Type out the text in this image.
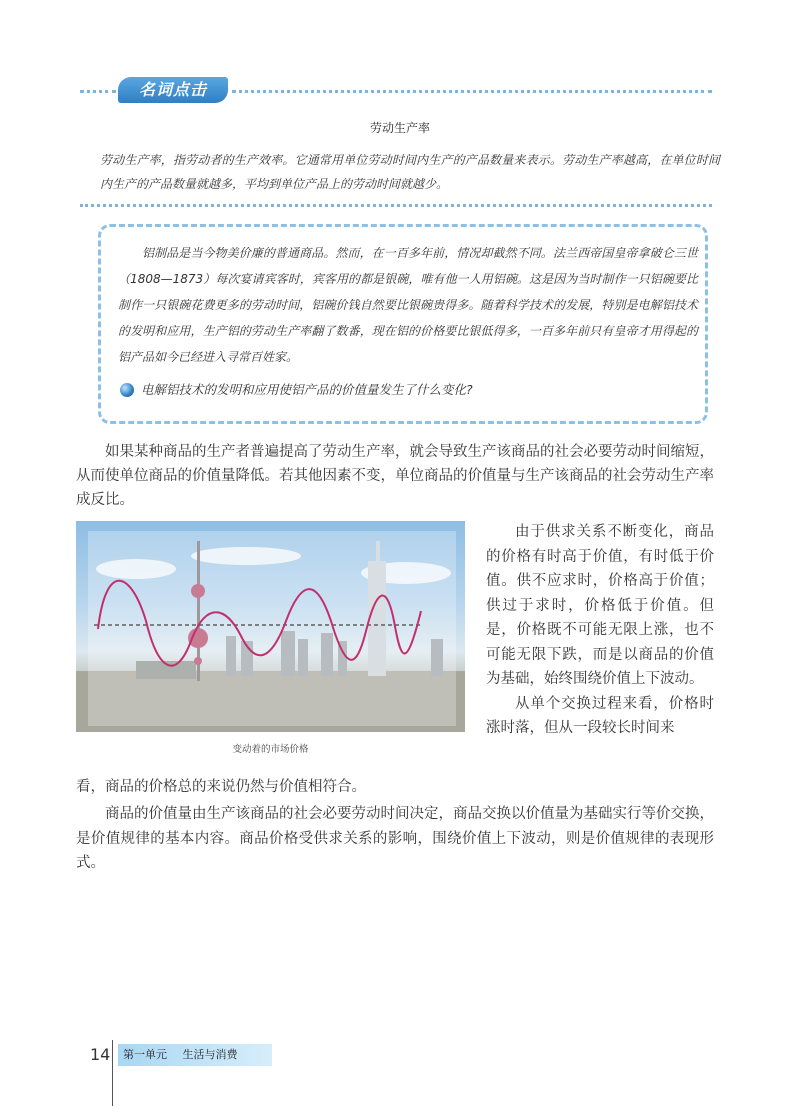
名词点击
劳动生产率
劳动生产率，指劳动者的生产效率。它通常用单位劳动时间内生产的产品数量来表示。劳动生产率越高，在单位时间内生产的产品数量就越多，平均到单位产品上的劳动时间就越少。
铝制品是当今物美价廉的普通商品。然而，在一百多年前，情况却截然不同。法兰西帝国皇帝拿破仑三世（1808—1873）每次宴请宾客时，宾客用的都是银碗，唯有他一人用铝碗。这是因为当时制作一只铝碗要比制作一只银碗花费更多的劳动时间，铝碗价钱自然要比银碗贵得多。随着科学技术的发展，特别是电解铝技术的发明和应用，生产铝的劳动生产率翻了数番，现在铝的价格要比银低得多，一百多年前只有皇帝才用得起的铝产品如今已经进入寻常百姓家。
电解铝技术的发明和应用使铝产品的价值量发生了什么变化?

如果某种商品的生产者普遍提高了劳动生产率，就会导致生产该商品的社会必要劳动时间缩短，从而使单位商品的价值量降低。若其他因素不变，单位商品的价值量与生产该商品的社会劳动生产率成反比。

变动着的市场价格

由于供求关系不断变化，商品的价格有时高于价值，有时低于价值。供不应求时，价格高于价值；供过于求时，价格低于价值。但是，价格既不可能无限上涨，也不可能无限下跌，而是以商品的价值为基础，始终围绕价值上下波动。

从单个交换过程来看，价格时涨时落，但从一段较长时间来

看，商品的价格总的来说仍然与价值相符合。

商品的价值量由生产该商品的社会必要劳动时间决定，商品交换以价值量为基础实行等价交换，是价值规律的基本内容。商品价格受供求关系的影响，围绕价值上下波动，则是价值规律的表现形式。

14	第一单元 生活与消费
